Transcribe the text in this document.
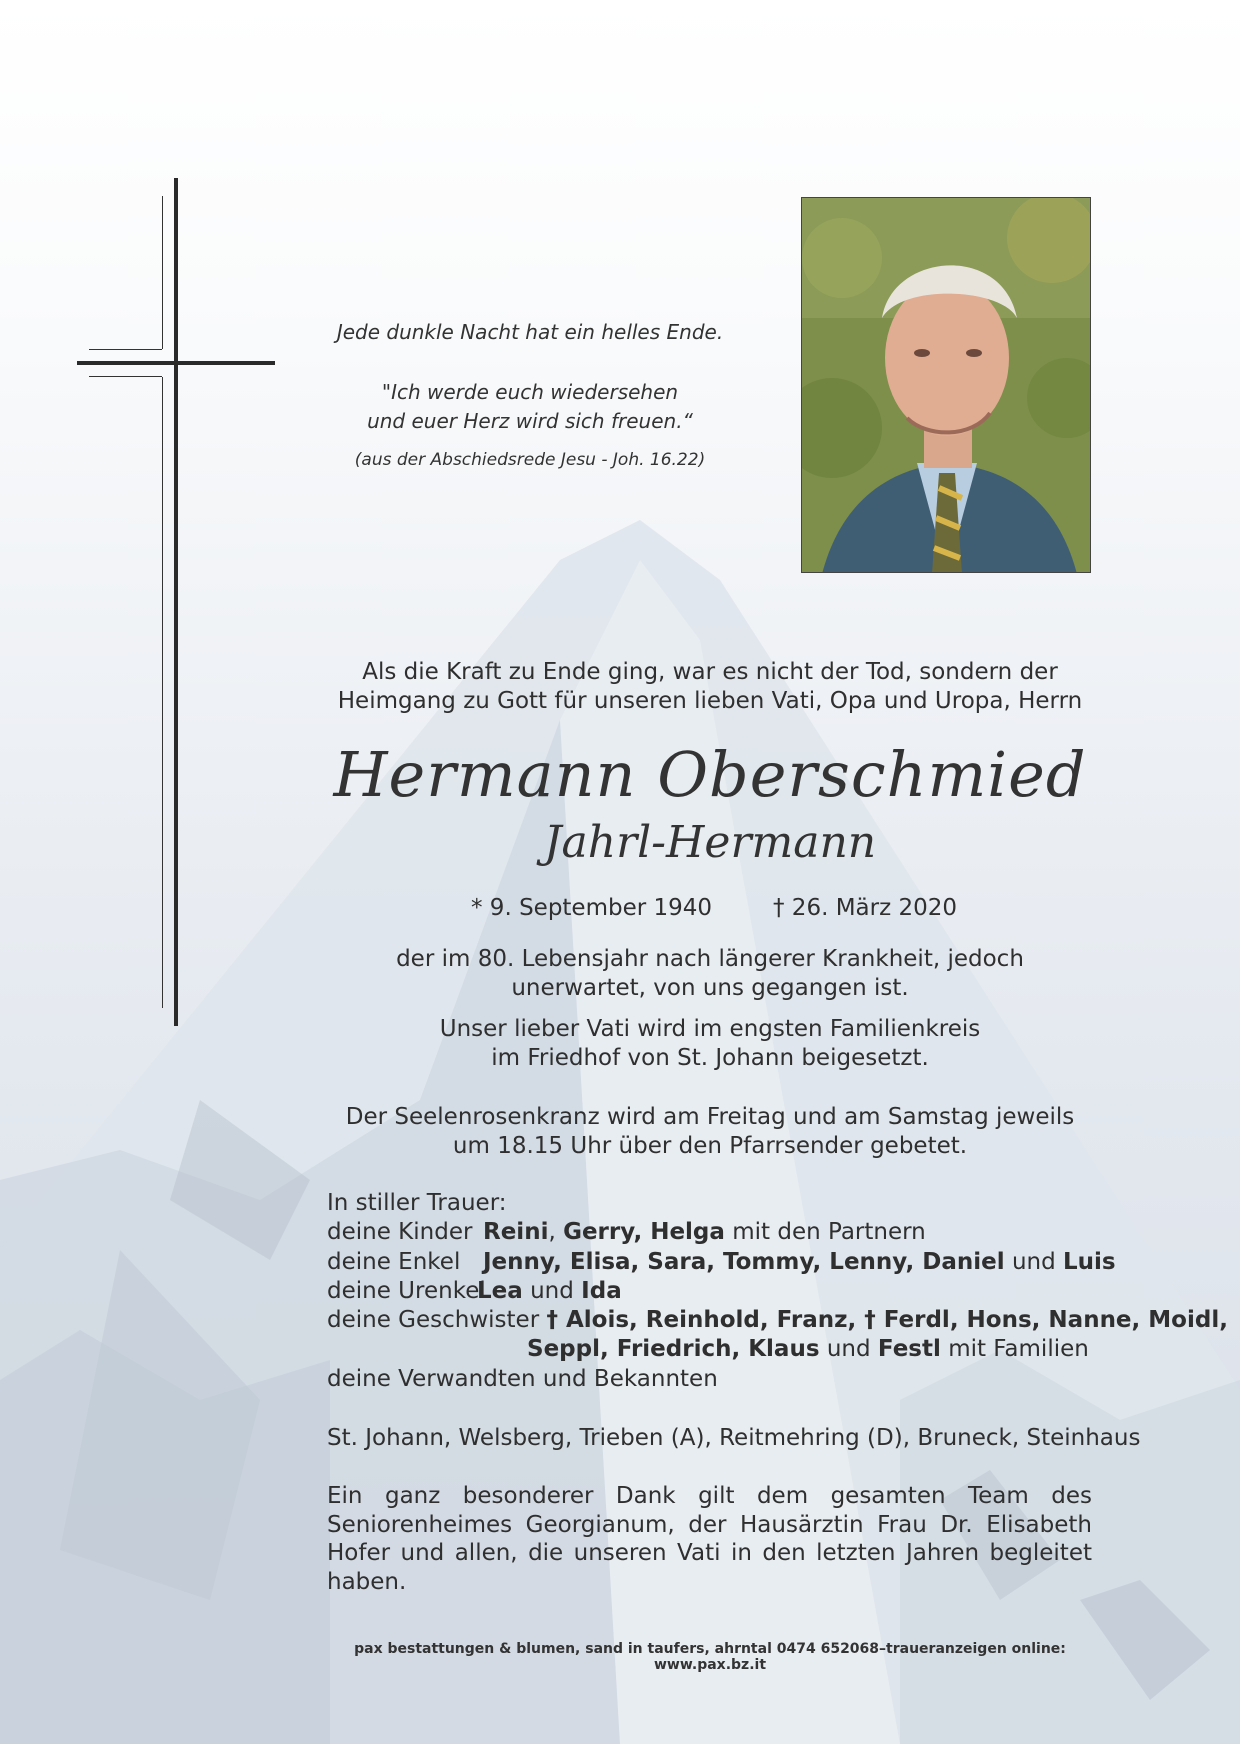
Jede dunkle Nacht hat ein helles Ende.
"Ich werde euch wiedersehen
und euer Herz wird sich freuen.“
(aus der Abschiedsrede Jesu - Joh. 16.22)
Als die Kraft zu Ende ging, war es nicht der Tod, sondern der
Heimgang zu Gott für unseren lieben Vati, Opa und Uropa, Herrn
Hermann Oberschmied
Jahrl-Hermann
* 9. September 1940	† 26. März 2020
der im 80. Lebensjahr nach längerer Krankheit, jedoch
unerwartet, von uns gegangen ist.
Unser lieber Vati wird im engsten Familienkreis
im Friedhof von St. Johann beigesetzt.
Der Seelenrosenkranz wird am Freitag und am Samstag jeweils
um 18.15 Uhr über den Pfarrsender gebetet.
In stiller Trauer:
deine Kinder Reini, Gerry, Helga mit den Partnern
deine Enkel Jenny, Elisa, Sara, Tommy, Lenny, Daniel und Luis
deine UrenkelLea und Ida
deine Geschwister † Alois, Reinhold, Franz, † Ferdl, Hons, Nanne, Moidl,
Seppl, Friedrich, Klaus und Festl mit Familien
deine Verwandten und Bekannten
St. Johann, Welsberg, Trieben (A), Reitmehring (D), Bruneck, Steinhaus
Ein ganz besonderer Dank gilt dem gesamten Team des Seniorenheimes Georgianum, der Hausärztin Frau Dr. Elisabeth Hofer und allen, die unseren Vati in den letzten Jahren begleitet haben.
pax bestattungen & blumen, sand in taufers, ahrntal 0474 652068–traueranzeigen online: www.pax.bz.it
